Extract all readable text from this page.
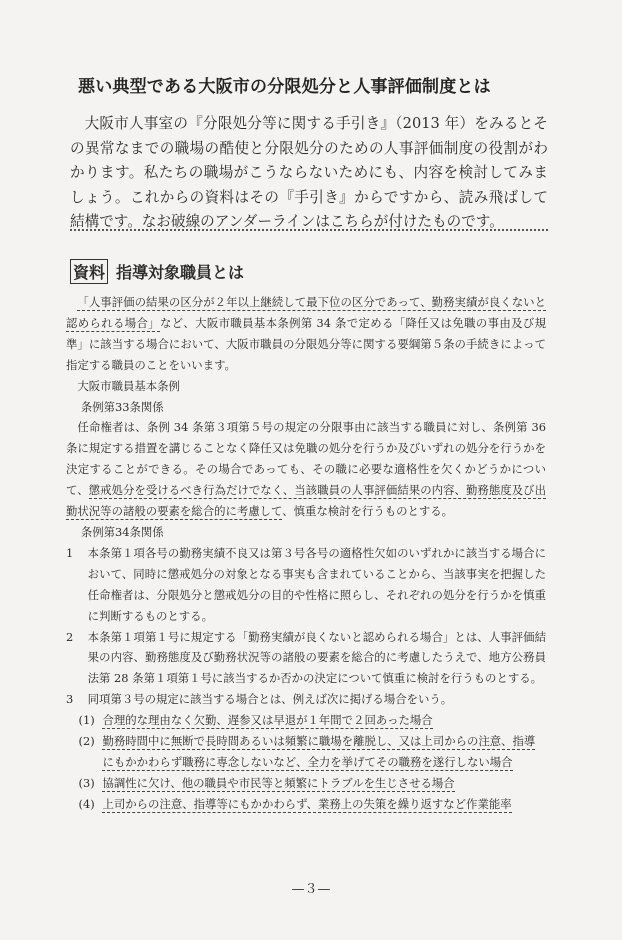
悪い典型である大阪市の分限処分と人事評価制度とは

大阪市人事室の『分限処分等に関する手引き』（2013 年）をみるとその異常なまでの職場の酷使と分限処分のための人事評価制度の役割がわかります。私たちの職場がこうならないためにも、内容を検討してみましょう。これからの資料はその『手引き』からですから、読み飛ばして結構です。なお破線のアンダーラインはこちらが付けたものです。

資料 指導対象職員とは

「人事評価の結果の区分が２年以上継続して最下位の区分であって、勤務実績が良くないと認められる場合」など、大阪市職員基本条例第 34 条で定める「降任又は免職の事由及び規準」に該当する場合において、大阪市職員の分限処分等に関する要綱第５条の手続きによって指定する職員のことをいいます。

大阪市職員基本条例

条例第33条関係

任命権者は、条例 34 条第３項第５号の規定の分限事由に該当する職員に対し、条例第 36 条に規定する措置を講じることなく降任又は免職の処分を行うか及びいずれの処分を行うかを決定することができる。その場合であっても、その職に必要な適格性を欠くかどうかについて、懲戒処分を受けるべき行為だけでなく、当該職員の人事評価結果の内容、勤務態度及び出勤状況等の諸般の要素を総合的に考慮して、慎重な検討を行うものとする。

条例第34条関係

1	本条第１項各号の勤務実績不良又は第３号各号の適格性欠如のいずれかに該当する場合において、同時に懲戒処分の対象となる事実も含まれていることから、当該事実を把握した任命権者は、分限処分と懲戒処分の目的や性格に照らし、それぞれの処分を行うかを慎重に判断するものとする。
2	本条第１項第１号に規定する「勤務実績が良くないと認められる場合」とは、人事評価結果の内容、勤務態度及び勤務状況等の諸般の要素を総合的に考慮したうえで、地方公務員法第 28 条第１項第１号に該当するか否かの決定について慎重に検討を行うものとする。
3	同項第３号の規定に該当する場合とは、例えば次に掲げる場合をいう。
(1) 合理的な理由なく欠勤、遅参又は早退が１年間で２回あった場合
(2) 勤務時間中に無断で長時間あるいは頻繁に職場を離脱し、又は上司からの注意、指導にもかかわらず職務に専念しないなど、全力を挙げてその職務を遂行しない場合
(3) 協調性に欠け、他の職員や市民等と頻繁にトラブルを生じさせる場合
(4) 上司からの注意、指導等にもかかわらず、業務上の失策を繰り返すなど作業能率
—３—
